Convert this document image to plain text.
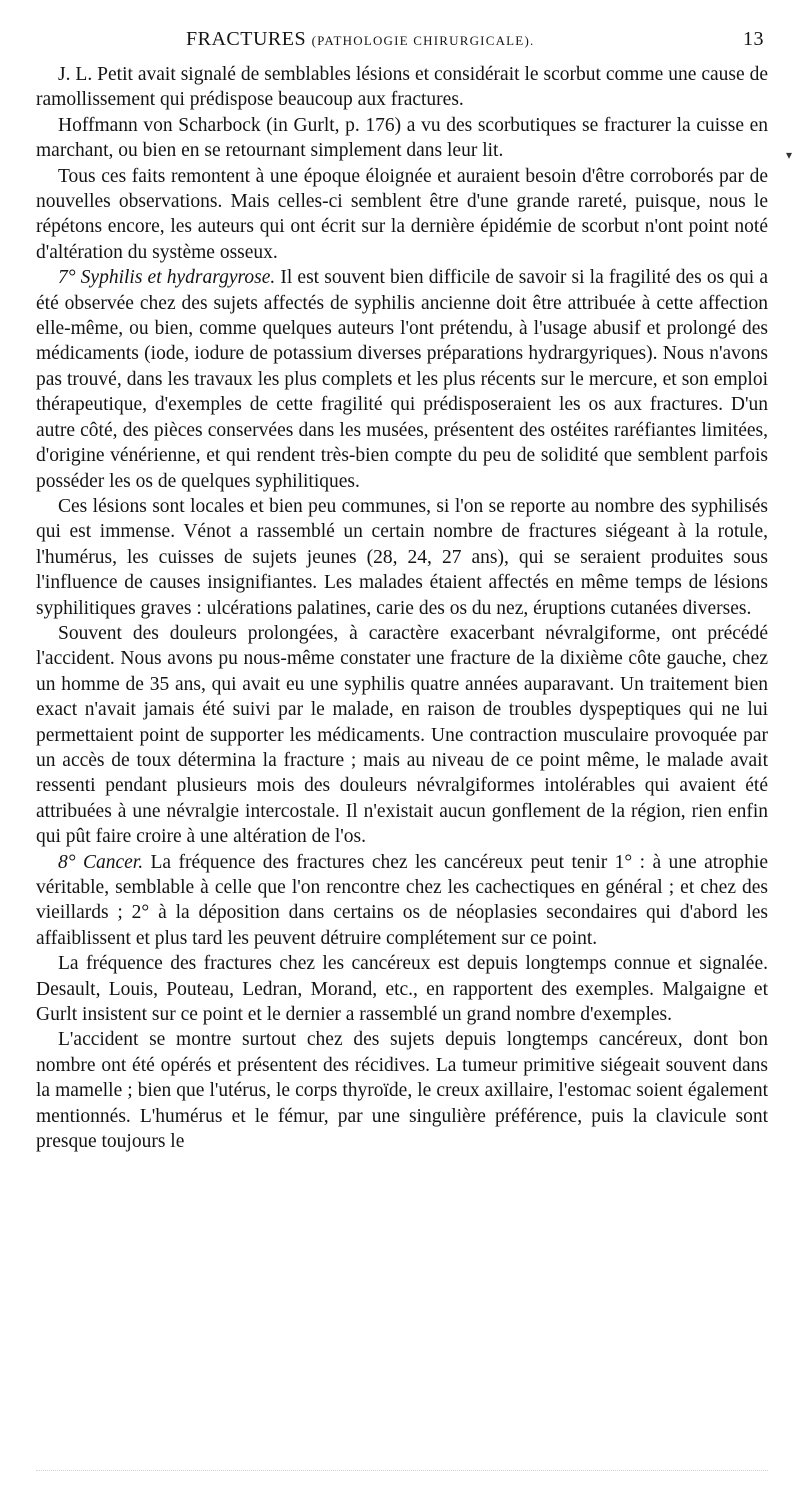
FRACTURES (PATHOLOGIE CHIRURGICALE).	13

J. L. Petit avait signalé de semblables lésions et considérait le scorbut comme une cause de ramollissement qui prédispose beaucoup aux fractures.

Hoffmann von Scharbock (in Gurlt, p. 176) a vu des scorbutiques se fracturer la cuisse en marchant, ou bien en se retournant simplement dans leur lit.

Tous ces faits remontent à une époque éloignée et auraient besoin d'être corroborés par de nouvelles observations. Mais celles-ci semblent être d'une grande rareté, puisque, nous le répétons encore, les auteurs qui ont écrit sur la dernière épidémie de scorbut n'ont point noté d'altération du système osseux.

7° Syphilis et hydrargyrose. Il est souvent bien difficile de savoir si la fragilité des os qui a été observée chez des sujets affectés de syphilis ancienne doit être attribuée à cette affection elle-même, ou bien, comme quelques auteurs l'ont prétendu, à l'usage abusif et prolongé des médicaments (iode, iodure de potassium diverses préparations hydrargyriques). Nous n'avons pas trouvé, dans les travaux les plus complets et les plus récents sur le mercure, et son emploi thérapeutique, d'exemples de cette fragilité qui prédisposeraient les os aux fractures. D'un autre côté, des pièces conservées dans les musées, présentent des ostéites raréfiantes limitées, d'origine vénérienne, et qui rendent très-bien compte du peu de solidité que semblent parfois posséder les os de quelques syphilitiques.

Ces lésions sont locales et bien peu communes, si l'on se reporte au nombre des syphilisés qui est immense. Vénot a rassemblé un certain nombre de fractures siégeant à la rotule, l'humérus, les cuisses de sujets jeunes (28, 24, 27 ans), qui se seraient produites sous l'influence de causes insignifiantes. Les malades étaient affectés en même temps de lésions syphilitiques graves : ulcérations palatines, carie des os du nez, éruptions cutanées diverses.

Souvent des douleurs prolongées, à caractère exacerbant névralgiforme, ont précédé l'accident. Nous avons pu nous-même constater une fracture de la dixième côte gauche, chez un homme de 35 ans, qui avait eu une syphilis quatre années auparavant. Un traitement bien exact n'avait jamais été suivi par le malade, en raison de troubles dyspeptiques qui ne lui permettaient point de supporter les médicaments. Une contraction musculaire provoquée par un accès de toux détermina la fracture ; mais au niveau de ce point même, le malade avait ressenti pendant plusieurs mois des douleurs névralgiformes intolérables qui avaient été attribuées à une névralgie intercostale. Il n'existait aucun gonflement de la région, rien enfin qui pût faire croire à une altération de l'os.

8° Cancer. La fréquence des fractures chez les cancéreux peut tenir 1° : à une atrophie véritable, semblable à celle que l'on rencontre chez les cachectiques en général ; et chez des vieillards ; 2° à la déposition dans certains os de néoplasies secondaires qui d'abord les affaiblissent et plus tard les peuvent détruire complétement sur ce point.

La fréquence des fractures chez les cancéreux est depuis longtemps connue et signalée. Desault, Louis, Pouteau, Ledran, Morand, etc., en rapportent des exemples. Malgaigne et Gurlt insistent sur ce point et le dernier a rassemblé un grand nombre d'exemples.

L'accident se montre surtout chez des sujets depuis longtemps cancéreux, dont bon nombre ont été opérés et présentent des récidives. La tumeur primitive siégeait souvent dans la mamelle ; bien que l'utérus, le corps thyroïde, le creux axillaire, l'estomac soient également mentionnés. L'humérus et le fémur, par une singulière préférence, puis la clavicule sont presque toujours le

▾
